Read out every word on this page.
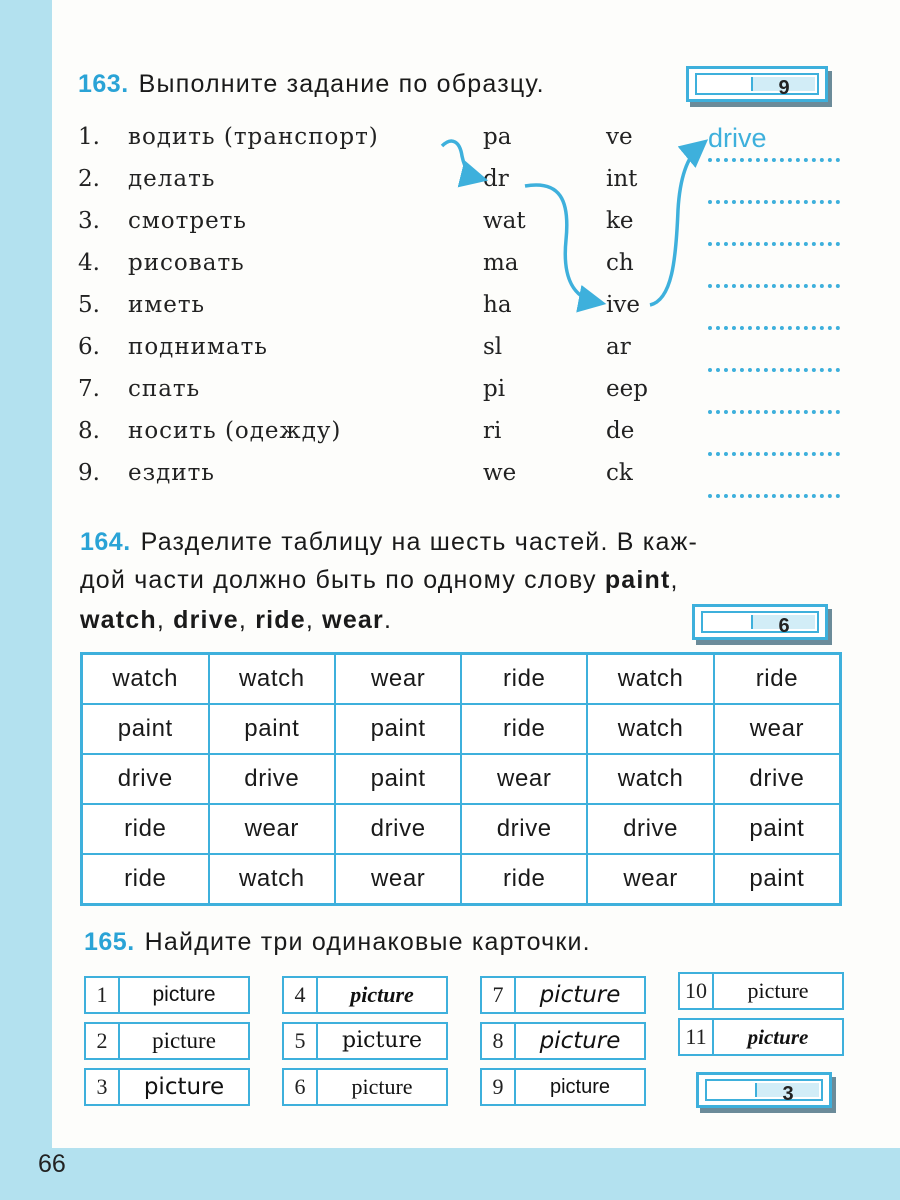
163. Выполните задание по образцу.	9
1.	водить (транспорт)	pa	ve	drive
2.	делать	dr	int
3.	смотреть	wat	ke
4.	рисовать	ma	ch
5.	иметь	ha	ive
6.	поднимать	sl	ar
7.	спать	pi	eep
8.	носить (одежду)	ri	de
9.	ездить	we	ck
164. Разделите таблицу на шесть частей. В каж-
дой части должно быть по одному слову paint,
watch, drive, ride, wear.	6
watch	watch	wear	ride	watch	ride
paint	paint	paint	ride	watch	wear
drive	drive	paint	wear	watch	drive
ride	wear	drive	drive	drive	paint
ride	watch	wear	ride	wear	paint
165. Найдите три одинаковые карточки.
1	picture
2	picture
3	picture
4	picture
5	picture
6	picture
7	picture
8	picture
9	picture
10	picture
11	picture
3
66
